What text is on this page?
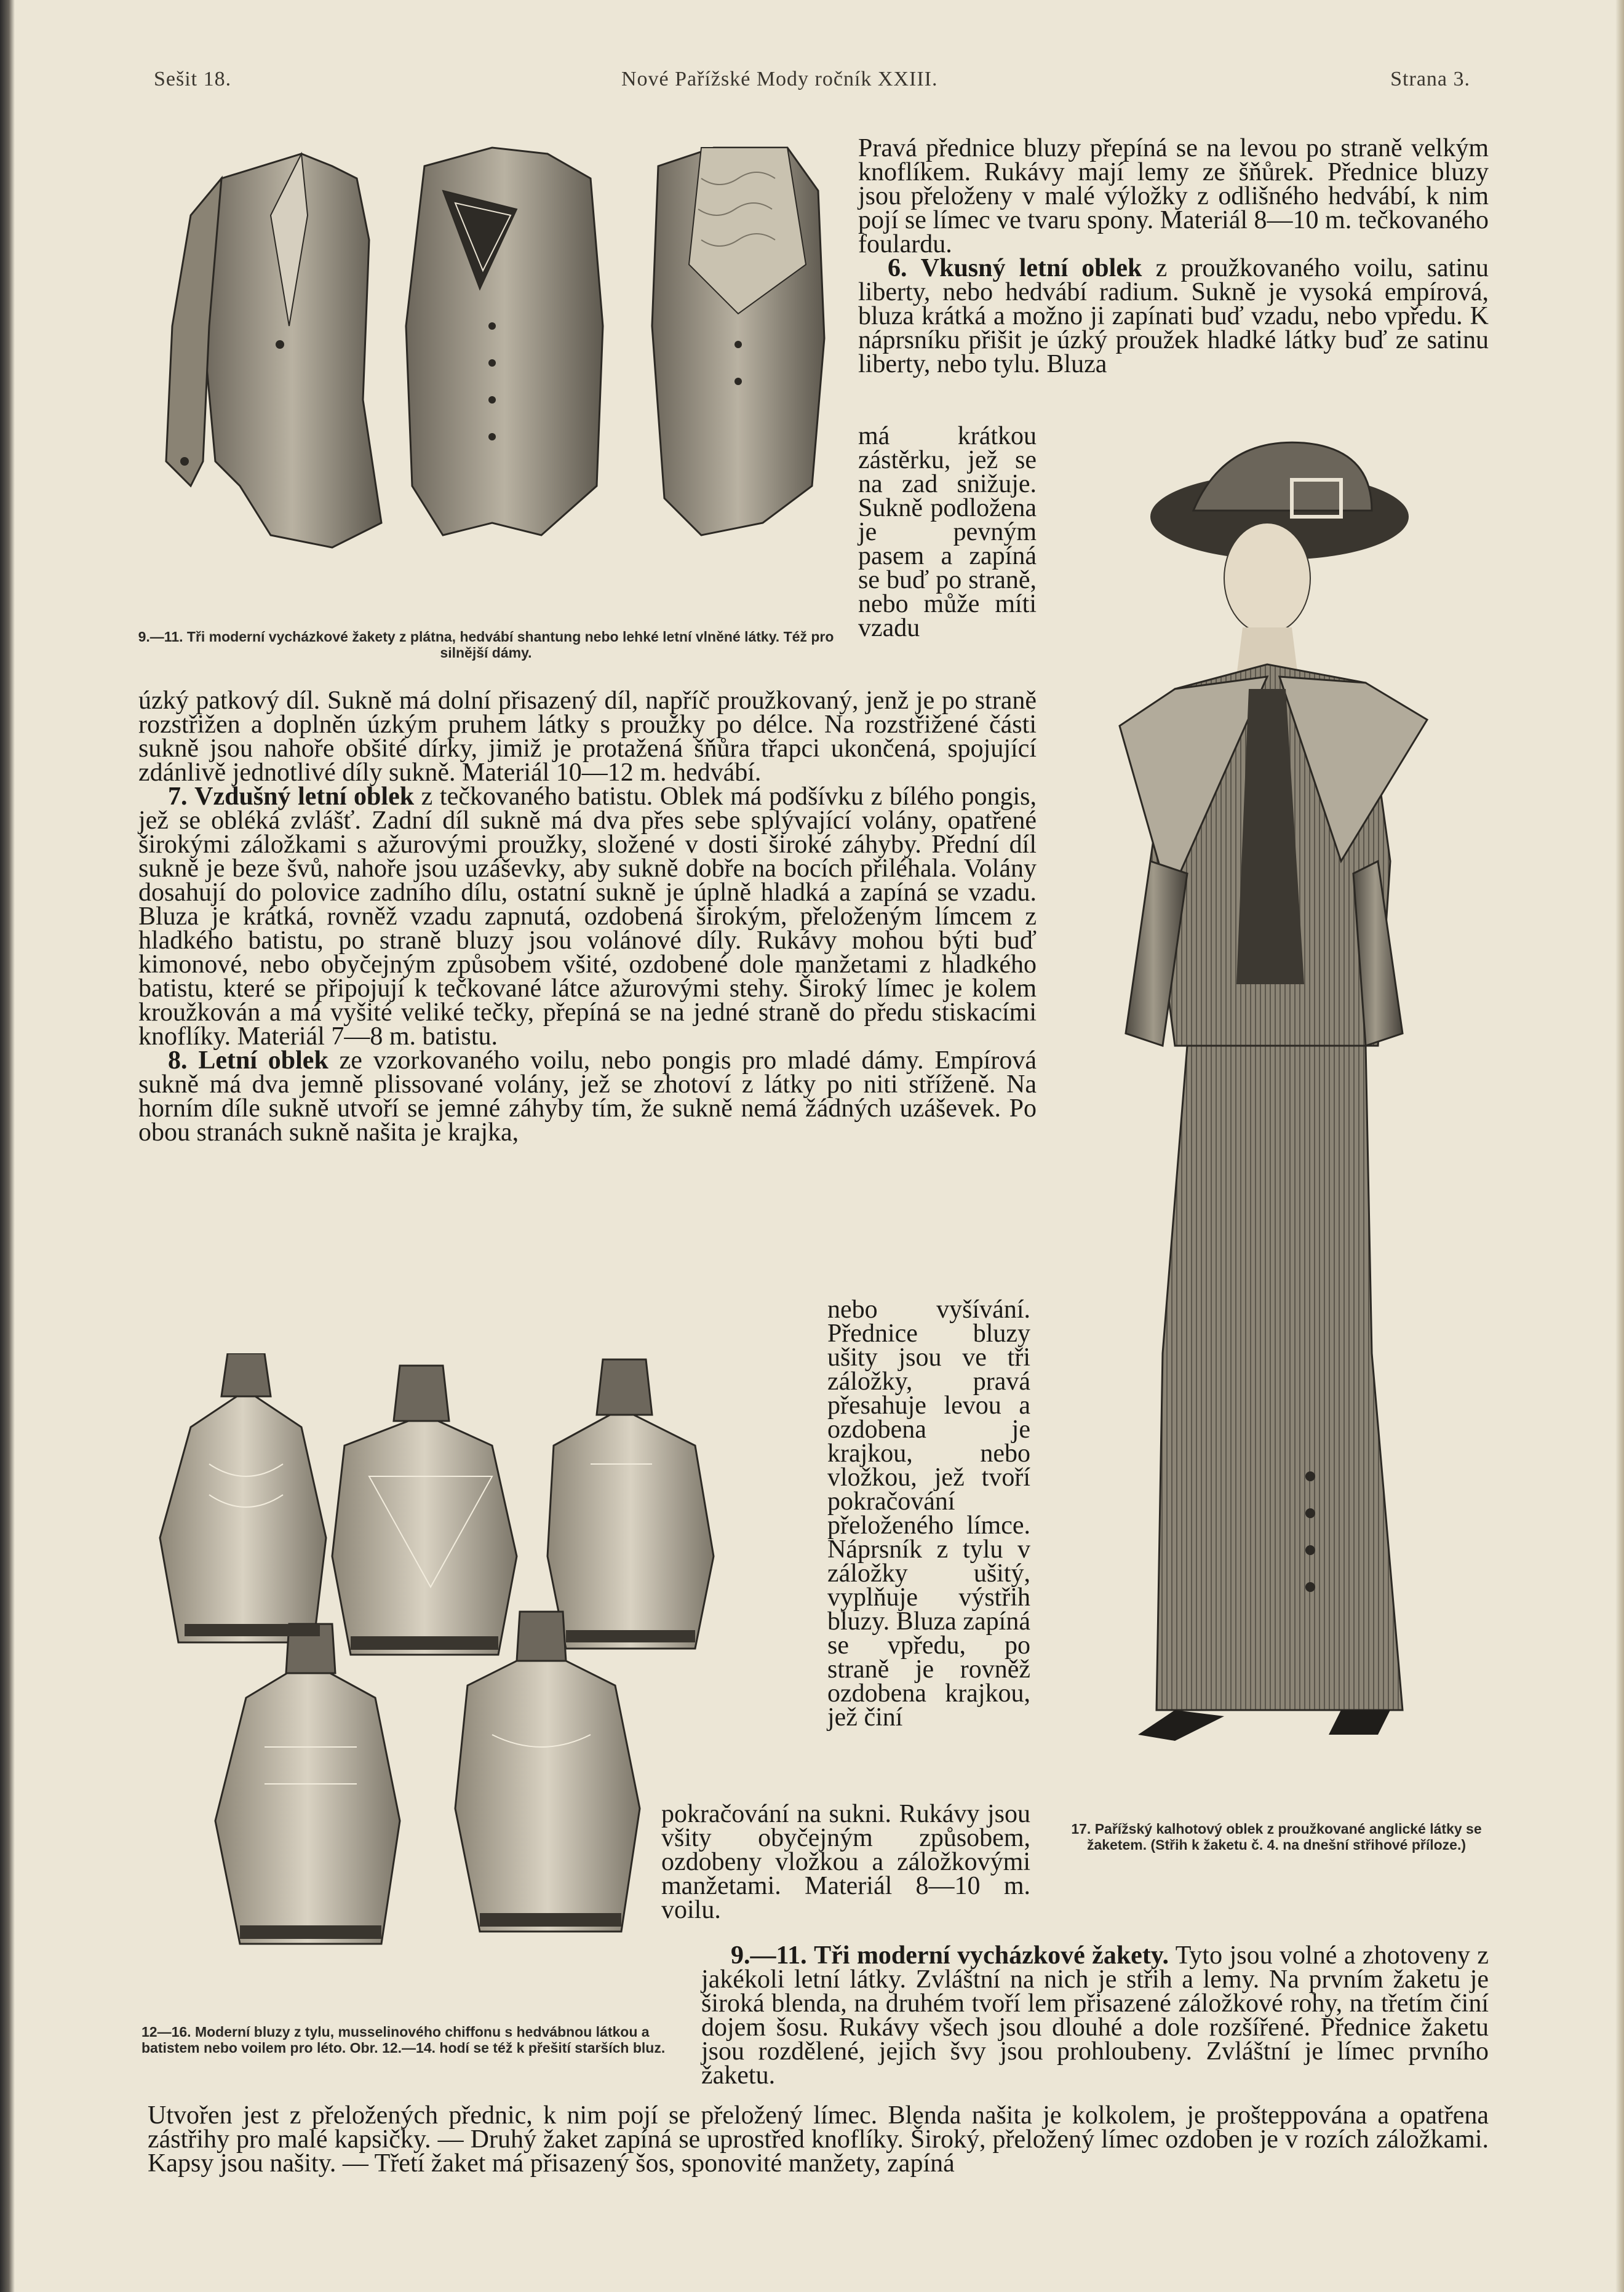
Sešit 18.	Nové Pařížské Mody ročník XXIII.	Strana 3.

9.—11. Tři moderní vycházkové žakety z plátna, hedvábí shantung nebo lehké letní vlněné látky. Též pro silnější dámy.

Pravá přednice bluzy přepíná se na levou po straně velkým knoflíkem. Rukávy mají lemy ze šňůrek. Přednice bluzy jsou přeloženy v malé výložky z odlišného hedvábí, k nim pojí se límec ve tvaru spony. Materiál 8—10 m. tečkovaného foulardu.

6. Vkusný letní oblek z proužkovaného voilu, satinu liberty, nebo hedvábí radium. Sukně je vysoká empírová, bluza krátká a možno ji zapínati buď vzadu, nebo vpředu. K náprsníku přišit je úzký proužek hladké látky buď ze satinu liberty, nebo tylu. Bluza

má krátkou zástěrku, jež se na zad snižuje. Sukně podložena je pevným pasem a zapíná se buď po straně, nebo může míti vzadu

úzký patkový díl. Sukně má dolní přisazený díl, napříč proužkovaný, jenž je po straně rozstřižen a doplněn úzkým pruhem látky s proužky po délce. Na rozstřižené části sukně jsou nahoře obšité dírky, jimiž je protažená šňůra třapci ukončená, spojující zdánlivě jednotlivé díly sukně. Materiál 10—12 m. hedvábí.

7. Vzdušný letní oblek z tečkovaného batistu. Oblek má podšívku z bílého pongis, jež se obléká zvlášť. Zadní díl sukně má dva přes sebe splývající volány, opatřené širokými záložkami s ažurovými proužky, složené v dosti široké záhyby. Přední díl sukně je beze švů, nahoře jsou uzáševky, aby sukně dobře na bocích přiléhala. Volány dosahují do polovice zadního dílu, ostatní sukně je úplně hladká a zapíná se vzadu. Bluza je krátká, rovněž vzadu zapnutá, ozdobená širokým, přeloženým límcem z hladkého batistu, po straně bluzy jsou volánové díly. Rukávy mohou býti buď kimonové, nebo obyčejným způsobem všité, ozdobené dole manžetami z hladkého batistu, které se připojují k tečkované látce ažurovými stehy. Široký límec je kolem kroužkován a má vyšité veliké tečky, přepíná se na jedné straně do předu stiskacími knoflíky. Materiál 7—8 m. batistu.

8. Letní oblek ze vzorkovaného voilu, nebo pongis pro mladé dámy. Empírová sukně má dva jemně plissované volány, jež se zhotoví z látky po niti stříženě. Na horním díle sukně utvoří se jemné záhyby tím, že sukně nemá žádných uzáševek. Po obou stranách sukně našita je krajka,

nebo vyšívání. Přednice bluzy ušity jsou ve tři záložky, pravá přesahuje levou a ozdobena je krajkou, nebo vložkou, jež tvoří pokračování přeloženého límce. Náprsník z tylu v záložky ušitý, vyplňuje výstřih bluzy. Bluza zapíná se vpředu, po straně je rovněž ozdobena krajkou, jež činí

pokračování na sukni. Rukávy jsou všity obyčejným způsobem, ozdobeny vložkou a záložkovými manžetami. Materiál 8—10 m. voilu.

9.—11. Tři moderní vycházkové žakety. Tyto jsou volné a zhotoveny z jakékoli letní látky. Zvláštní na nich je střih a lemy. Na prvním žaketu je široká blenda, na druhém tvoří lem přisazené záložkové rohy, na třetím činí dojem šosu. Rukávy všech jsou dlouhé a dole rozšířené. Přednice žaketu jsou rozdělené, jejich švy jsou prohloubeny. Zvláštní je límec prvního žaketu.

Utvořen jest z přeložených přednic, k nim pojí se přeložený límec. Blenda našita je kolkolem, je prošteppována a opatřena zástřihy pro malé kapsičky. — Druhý žaket zapíná se uprostřed knoflíky. Široký, přeložený límec ozdoben je v rozích záložkami. Kapsy jsou našity. — Třetí žaket má přisazený šos, sponovité manžety, zapíná

12—16. Moderní bluzy z tylu, musselinového chiffonu s hedvábnou látkou a batistem nebo voilem pro léto. Obr. 12.—14. hodí se též k přešití starších bluz.

17. Pařížský kalhotový oblek z proužkované anglické látky se žaketem. (Střih k žaketu č. 4. na dnešní střihové příloze.)
